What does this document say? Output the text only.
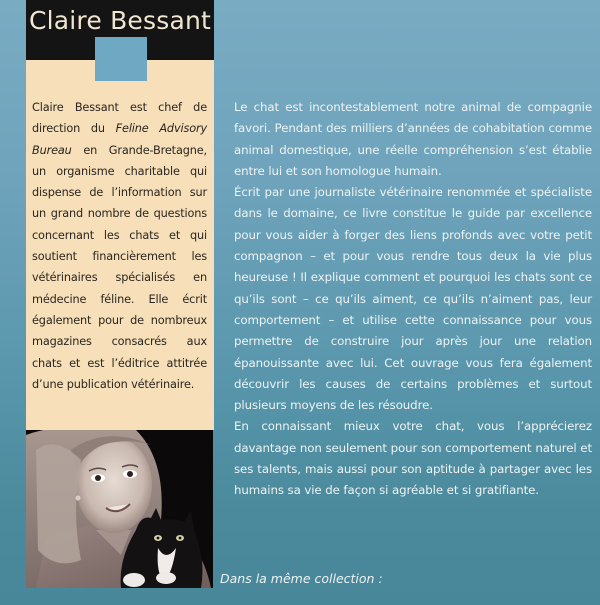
Claire Bessant

Claire Bessant est chef de direction du Feline Advisory Bureau en Grande-Bretagne, un organisme charitable qui dispense de l’information sur un grand nombre de questions concernant les chats et qui soutient financièrement les vétérinaires spécialisés en médecine féline. Elle écrit également pour de nombreux magazines consacrés aux chats et est l’éditrice attitrée d’une publication vétérinaire.

Le chat est incontestablement notre animal de compagnie favori. Pendant des milliers d’années de cohabitation comme animal domestique, une réelle compréhension s’est établie entre lui et son homologue humain.

Écrit par une journaliste vétérinaire renommée et spécialiste dans le domaine, ce livre constitue le guide par excellence pour vous aider à forger des liens profonds avec votre petit compagnon – et pour vous rendre tous deux la vie plus heureuse ! Il explique comment et pourquoi les chats sont ce qu’ils sont – ce qu’ils aiment, ce qu’ils n’aiment pas, leur comportement – et utilise cette connaissance pour vous permettre de construire jour après jour une relation épanouissante avec lui. Cet ouvrage vous fera également découvrir les causes de certains problèmes et surtout plusieurs moyens de les résoudre.

En connaissant mieux votre chat, vous l’apprécierez davantage non seulement pour son comportement naturel et ses talents, mais aussi pour son aptitude à partager avec les humains sa vie de façon si agréable et si gratifiante.

Dans la même collection :
